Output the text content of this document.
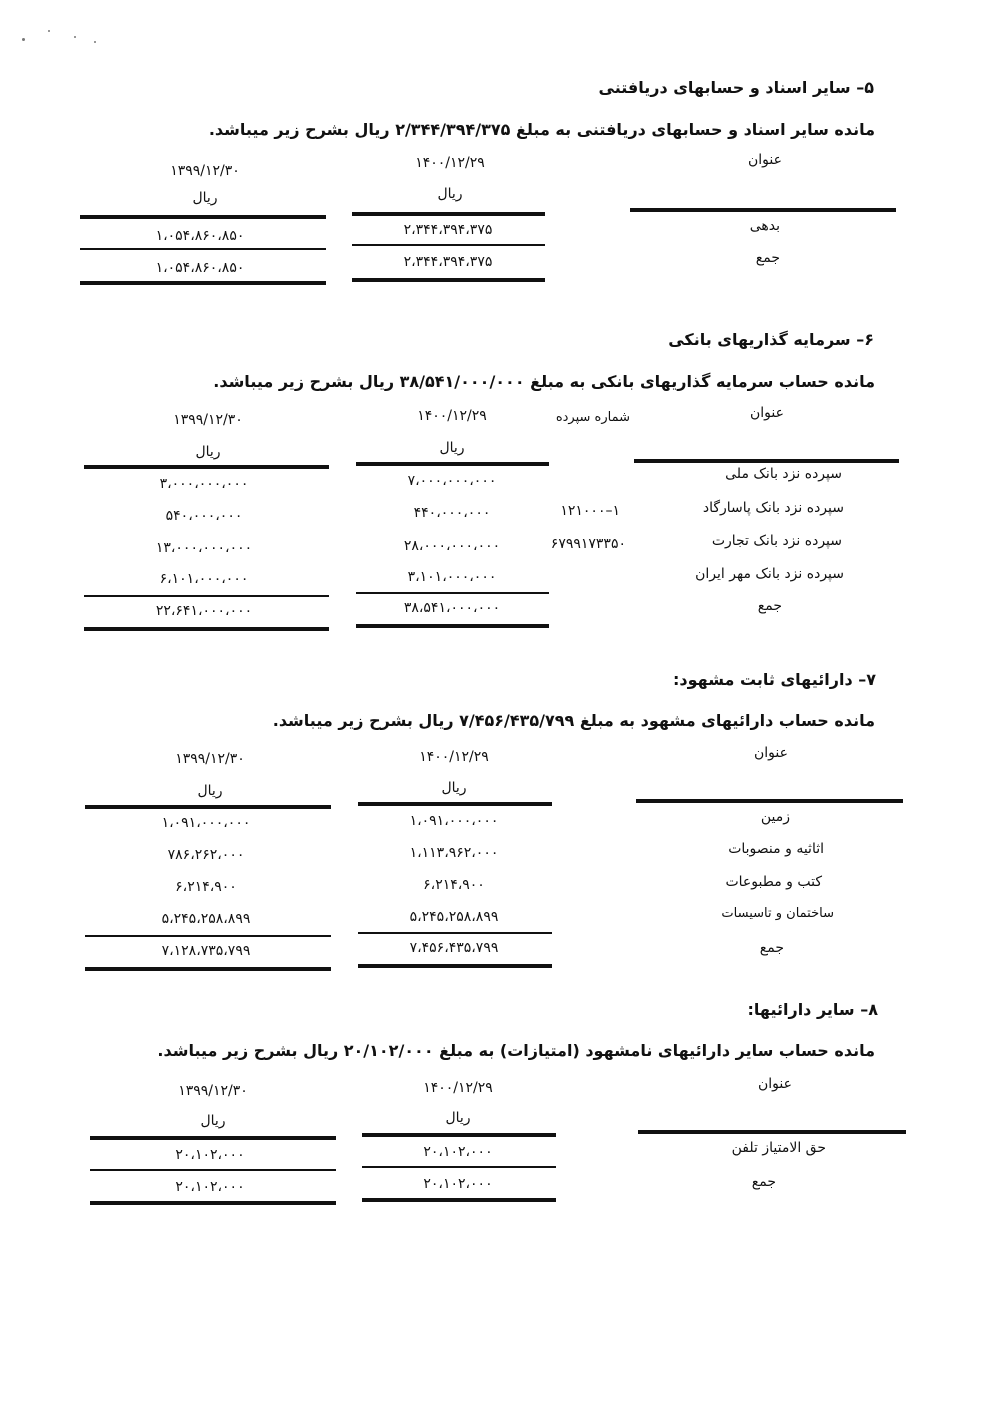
۵– سایر اسناد و حسابهای دریافتنی
مانده سایر اسناد و حسابهای دریافتنی به مبلغ ۲/۳۴۴/۳۹۴/۳۷۵ ریال بشرح زیر میباشد.
عنوان
۱۴۰۰/۱۲/۲۹
۱۳۹۹/۱۲/۳۰
ریال
ریال
بدهی
۲،۳۴۴،۳۹۴،۳۷۵
۱،۰۵۴،۸۶۰،۸۵۰
جمع
۲،۳۴۴،۳۹۴،۳۷۵
۱،۰۵۴،۸۶۰،۸۵۰
۶– سرمایه گذاریهای بانکی
مانده حساب سرمایه گذاریهای بانکی به مبلغ ۳۸/۵۴۱/۰۰۰/۰۰۰ ریال بشرح زیر میباشد.
عنوان
شماره سپرده
۱۴۰۰/۱۲/۲۹
۱۳۹۹/۱۲/۳۰
ریال
ریال
سپرده نزد بانک ملی
۷،۰۰۰،۰۰۰،۰۰۰
۳،۰۰۰،۰۰۰،۰۰۰
سپرده نزد بانک پاسارگاد
۱–۱۲۱۰۰۰
۴۴۰،۰۰۰،۰۰۰
۵۴۰،۰۰۰،۰۰۰
سپرده نزد بانک تجارت
۶۷۹۹۱۷۳۳۵۰
۲۸،۰۰۰،۰۰۰،۰۰۰
۱۳،۰۰۰،۰۰۰،۰۰۰
سپرده نزد بانک مهر ایران
۳،۱۰۱،۰۰۰،۰۰۰
۶،۱۰۱،۰۰۰،۰۰۰
جمع
۳۸،۵۴۱،۰۰۰،۰۰۰
۲۲،۶۴۱،۰۰۰،۰۰۰
۷– دارائیهای ثابت مشهود:
مانده حساب دارائیهای مشهود به مبلغ ۷/۴۵۶/۴۳۵/۷۹۹ ریال بشرح زیر میباشد.
عنوان
۱۴۰۰/۱۲/۲۹
۱۳۹۹/۱۲/۳۰
ریال
ریال
زمین
۱،۰۹۱،۰۰۰،۰۰۰
۱،۰۹۱،۰۰۰،۰۰۰
اثاثیه و منصوبات
۱،۱۱۳،۹۶۲،۰۰۰
۷۸۶،۲۶۲،۰۰۰
کتب و مطبوعات
۶،۲۱۴،۹۰۰
۶،۲۱۴،۹۰۰
ساختمان و تاسیسات
۵،۲۴۵،۲۵۸،۸۹۹
۵،۲۴۵،۲۵۸،۸۹۹
جمع
۷،۴۵۶،۴۳۵،۷۹۹
۷،۱۲۸،۷۳۵،۷۹۹
۸– سایر دارائیها:
مانده حساب سایر دارائیهای نامشهود (امتیازات) به مبلغ ۲۰/۱۰۲/۰۰۰ ریال بشرح زیر میباشد.
عنوان
۱۴۰۰/۱۲/۲۹
۱۳۹۹/۱۲/۳۰
ریال
ریال
حق الامتیاز تلفن
۲۰،۱۰۲،۰۰۰
۲۰،۱۰۲،۰۰۰
جمع
۲۰،۱۰۲،۰۰۰
۲۰،۱۰۲،۰۰۰
